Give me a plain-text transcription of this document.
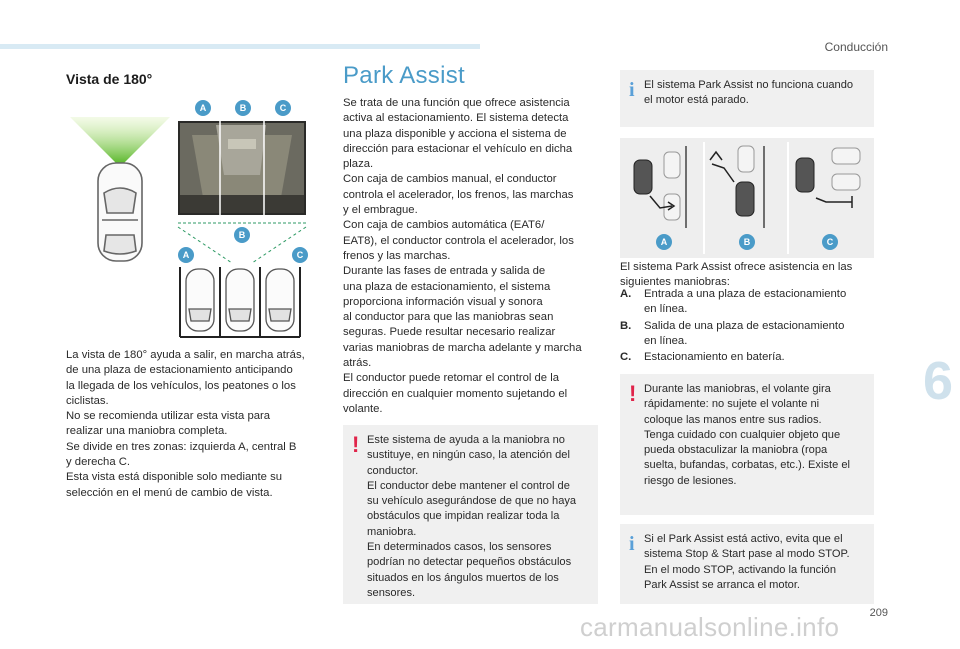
Conducción
Vista de 180°
A	B	C
B
A	C

La vista de 180° ayuda a salir, en marcha atrás,

de una plaza de estacionamiento anticipando

la llegada de los vehículos, los peatones o los

ciclistas.

No se recomienda utilizar esta vista para

realizar una maniobra completa.

Se divide en tres zonas: izquierda A, central B

y derecha C.

Esta vista está disponible solo mediante su

selección en el menú de cambio de vista.

Park Assist

Se trata de una función que ofrece asistencia

activa al estacionamiento. El sistema detecta

una plaza disponible y acciona el sistema de

dirección para estacionar el vehículo en dicha

plaza.

Con caja de cambios manual, el conductor

controla el acelerador, los frenos, las marchas

y el embrague.

Con caja de cambios automática (EAT6/

EAT8), el conductor controla el acelerador, los

frenos y las marchas.

Durante las fases de entrada y salida de

una plaza de estacionamiento, el sistema

proporciona información visual y sonora

al conductor para que las maniobras sean

seguras. Puede resultar necesario realizar

varias maniobras de marcha adelante y marcha

atrás.

El conductor puede retomar el control de la

dirección en cualquier momento sujetando el

volante.

! Este sistema de ayuda a la maniobra no

sustituye, en ningún caso, la atención del

conductor.

El conductor debe mantener el control de

su vehículo asegurándose de que no haya

obstáculos que impidan realizar toda la

maniobra.

En determinados casos, los sensores

podrían no detectar pequeños obstáculos

situados en los ángulos muertos de los

sensores.

i El sistema Park Assist no funciona cuando

el motor está parado.

A	B	C

El sistema Park Assist ofrece asistencia en las

siguientes maniobras:

A. Entrada a una plaza de estacionamiento
en línea.
B. Salida de una plaza de estacionamiento
en línea.
C. Estacionamiento en batería.
! Durante las maniobras, el volante gira

rápidamente: no sujete el volante ni

coloque las manos entre sus radios.

Tenga cuidado con cualquier objeto que

pueda obstaculizar la maniobra (ropa

suelta, bufandas, corbatas, etc.). Existe el

riesgo de lesiones.

i Si el Park Assist está activo, evita que el

sistema Stop & Start pase al modo STOP.

En el modo STOP, activando la función

Park Assist se arranca el motor.

6
209
carmanualsonline.info
